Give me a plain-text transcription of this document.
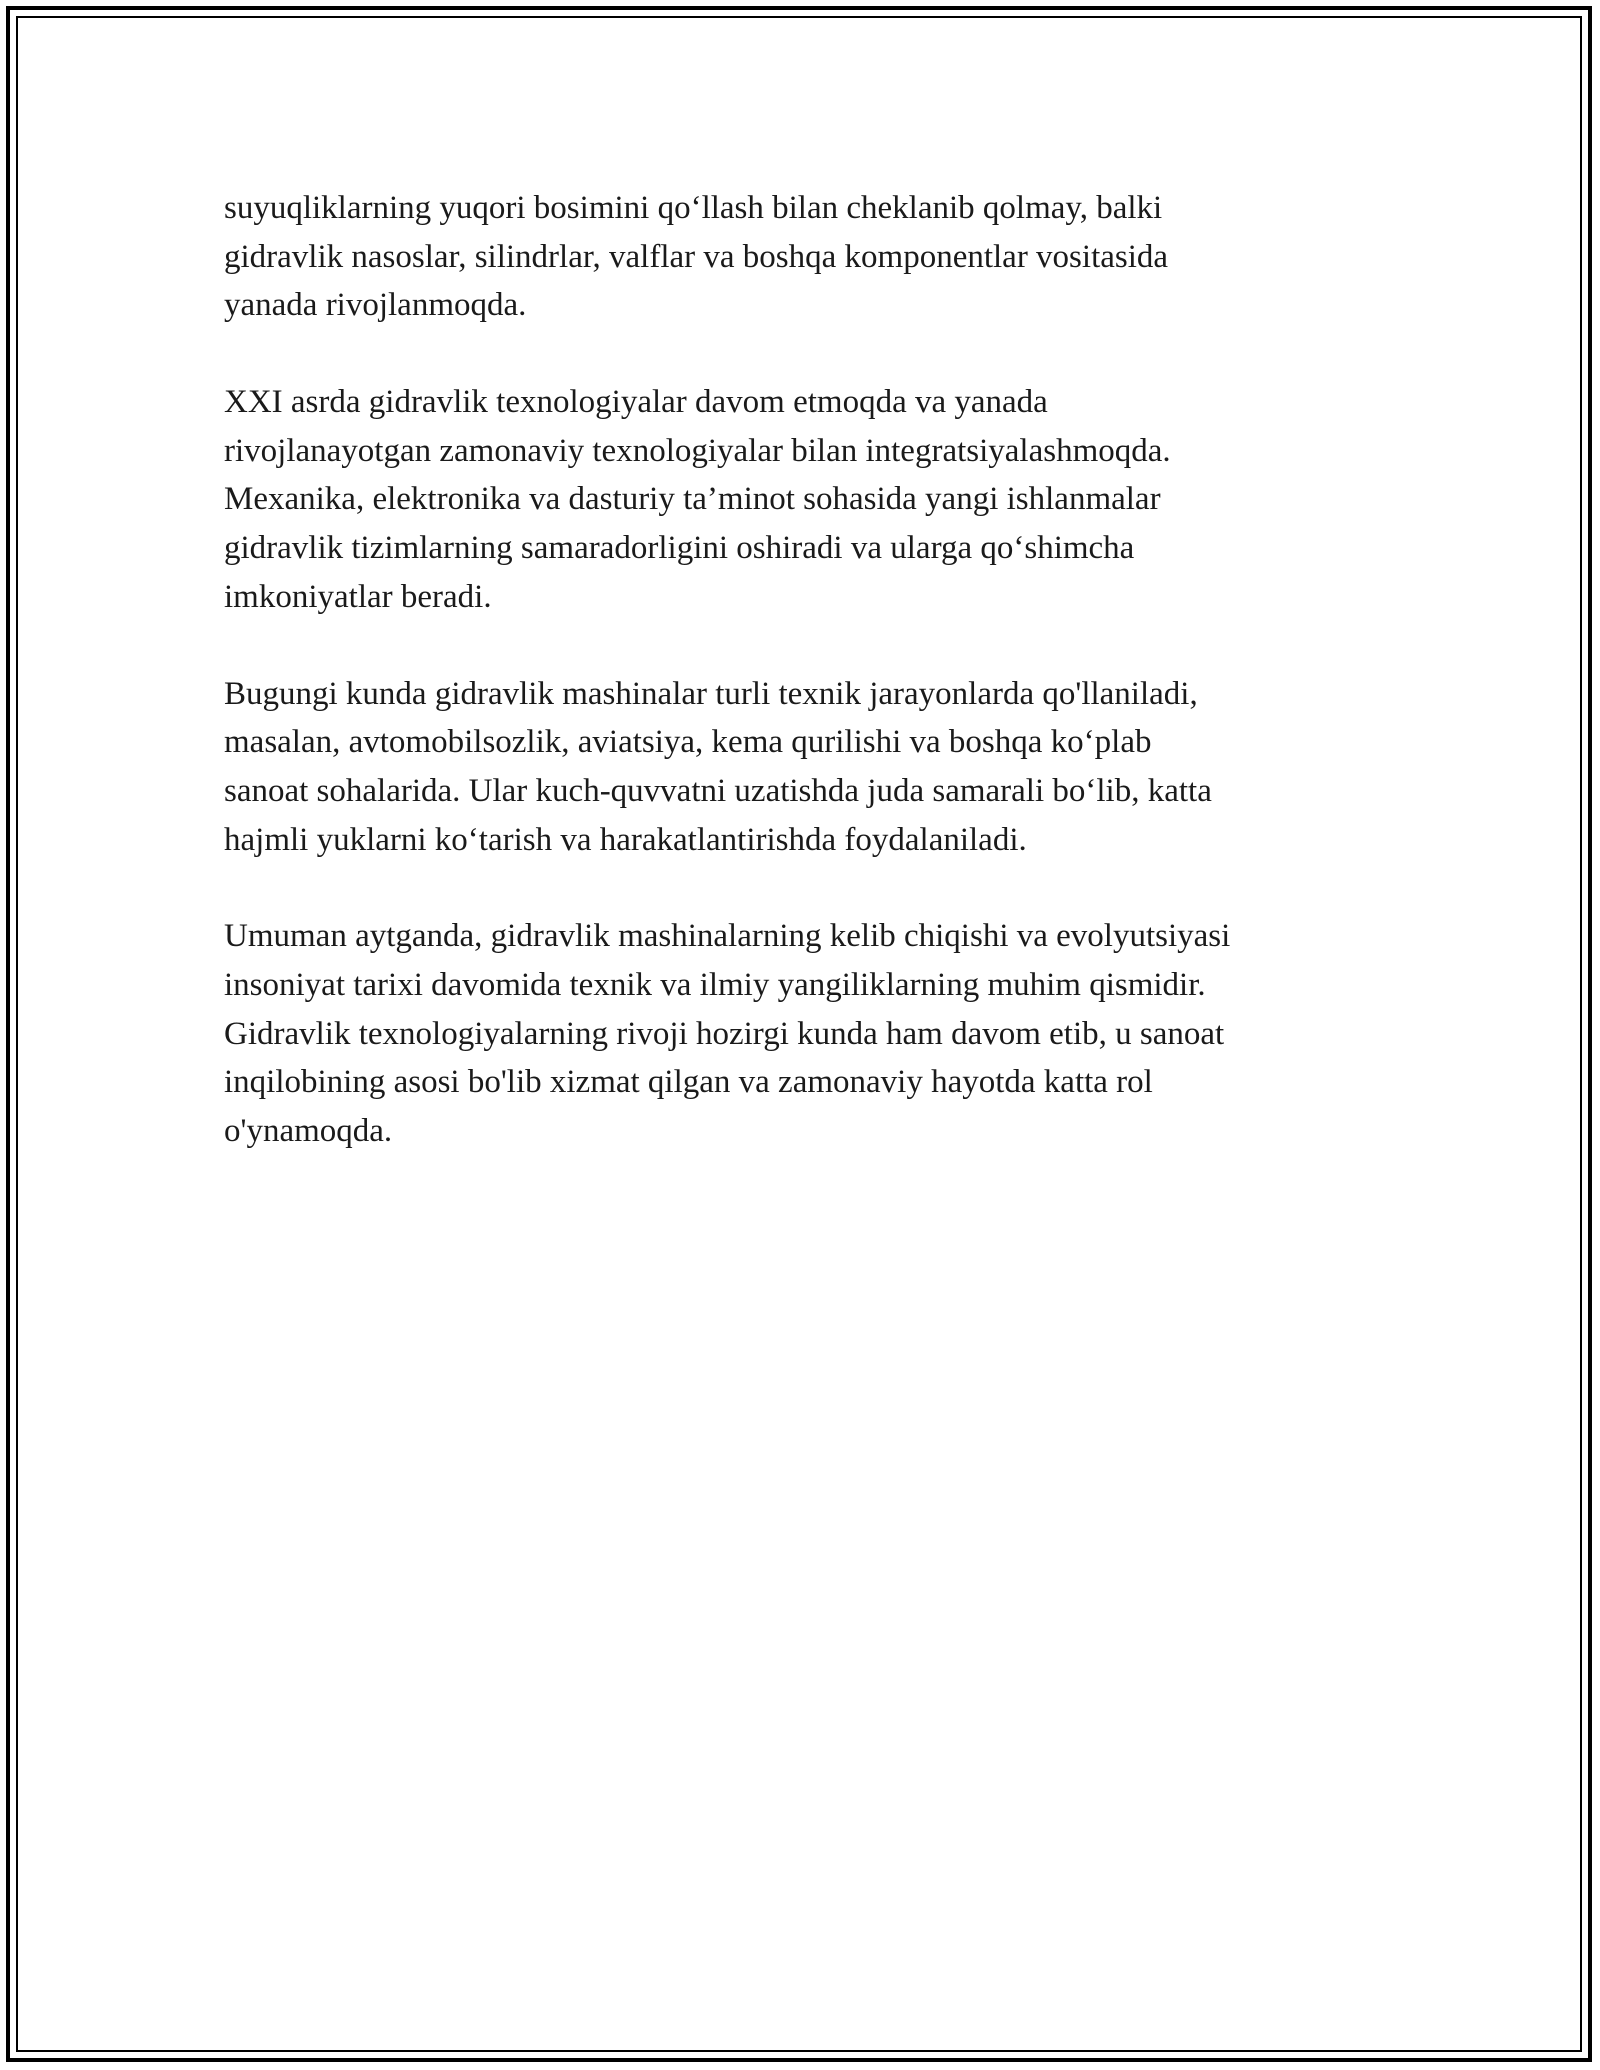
suyuqliklarning yuqori bosimini qo‘llash bilan cheklanib qolmay, balki
gidravlik nasoslar, silindrlar, valflar va boshqa komponentlar vositasida
yanada rivojlanmoqda.

XXI asrda gidravlik texnologiyalar davom etmoqda va yanada
rivojlanayotgan zamonaviy texnologiyalar bilan integratsiyalashmoqda.
Mexanika, elektronika va dasturiy ta’minot sohasida yangi ishlanmalar
gidravlik tizimlarning samaradorligini oshiradi va ularga qo‘shimcha
imkoniyatlar beradi.

Bugungi kunda gidravlik mashinalar turli texnik jarayonlarda qo'llaniladi,
masalan, avtomobilsozlik, aviatsiya, kema qurilishi va boshqa ko‘plab
sanoat sohalarida. Ular kuch-quvvatni uzatishda juda samarali bo‘lib, katta
hajmli yuklarni ko‘tarish va harakatlantirishda foydalaniladi.

Umuman aytganda, gidravlik mashinalarning kelib chiqishi va evolyutsiyasi
insoniyat tarixi davomida texnik va ilmiy yangiliklarning muhim qismidir.
Gidravlik texnologiyalarning rivoji hozirgi kunda ham davom etib, u sanoat
inqilobining asosi bo'lib xizmat qilgan va zamonaviy hayotda katta rol
o'ynamoqda.
